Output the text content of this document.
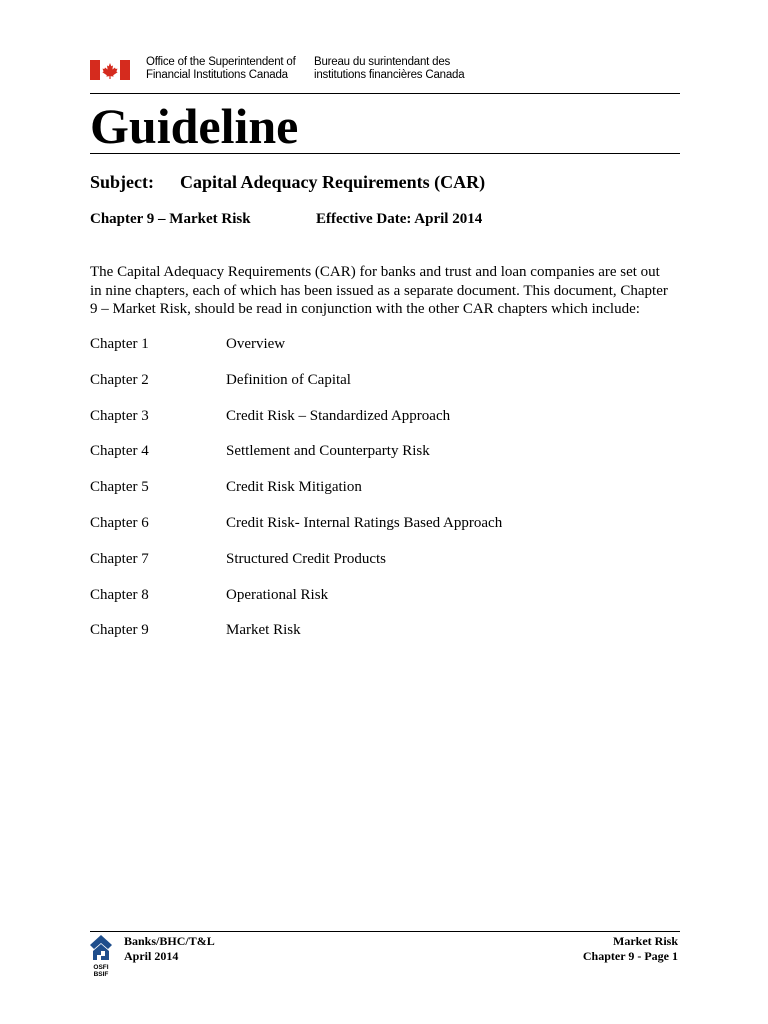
Office of the Superintendent of
Financial Institutions Canada
Bureau du surintendant des
institutions financières Canada
Guideline
Subject: Capital Adequacy Requirements (CAR)
Chapter 9 – Market Risk	Effective Date: April 2014

The Capital Adequacy Requirements (CAR) for banks and trust and loan companies are set out

in nine chapters, each of which has been issued as a separate document. This document, Chapter

9 – Market Risk, should be read in conjunction with the other CAR chapters which include:

Chapter 1	Overview
Chapter 2	Definition of Capital
Chapter 3	Credit Risk – Standardized Approach
Chapter 4	Settlement and Counterparty Risk
Chapter 5	Credit Risk Mitigation
Chapter 6	Credit Risk- Internal Ratings Based Approach
Chapter 7	Structured Credit Products
Chapter 8	Operational Risk
Chapter 9	Market Risk
OSFI
BSIF
Banks/BHC/T&L
April 2014
Market Risk
Chapter 9 - Page 1
